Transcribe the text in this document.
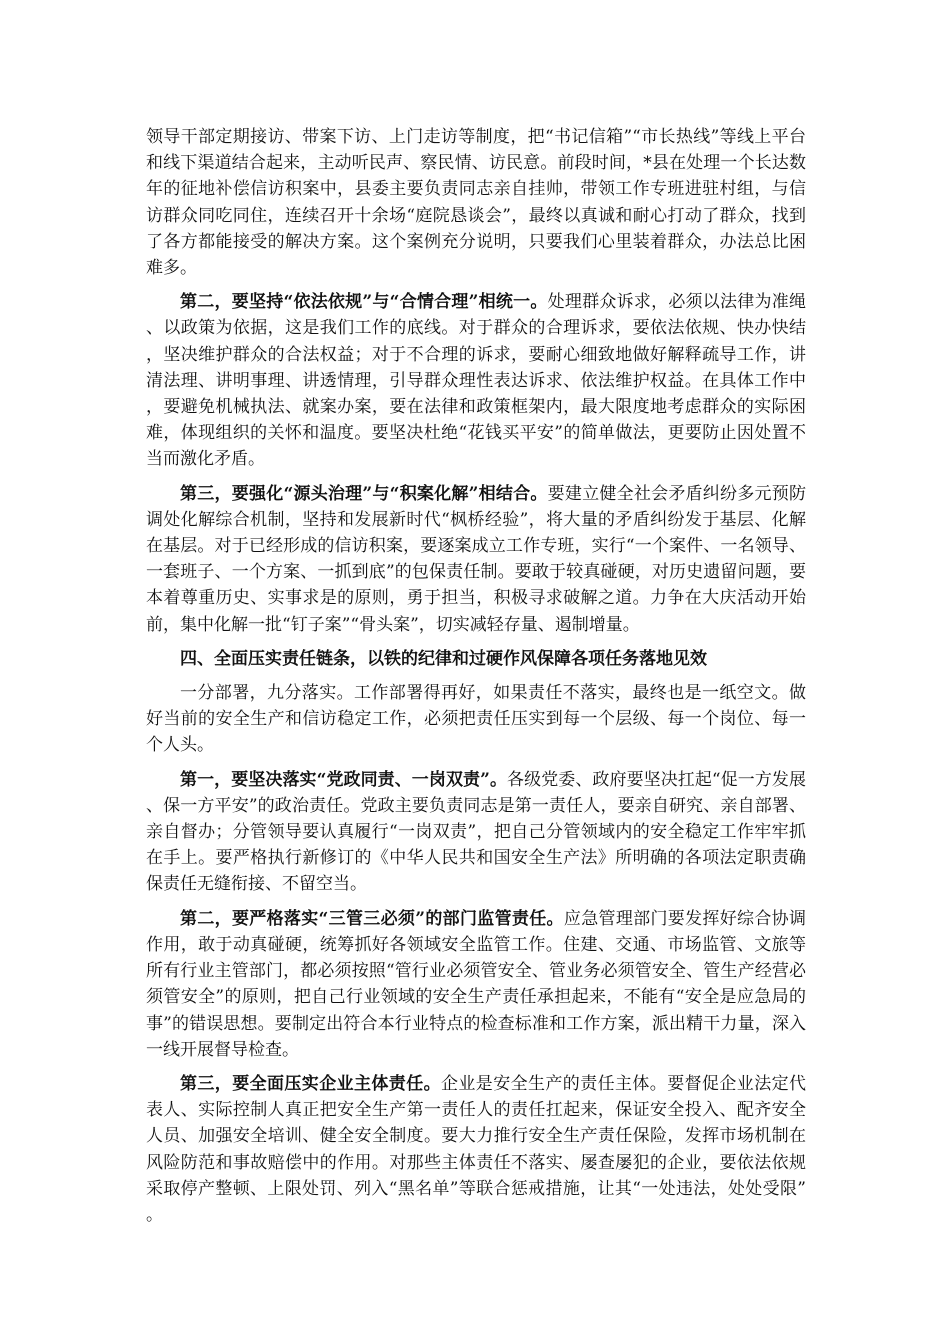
领导干部定期接访、带案下访、上门走访等制度，把“书记信箱”“市长热线”等线上平台和线下渠道结合起来，主动听民声、察民情、访民意。前段时间，*县在处理一个长达数年的征地补偿信访积案中，县委主要负责同志亲自挂帅，带领工作专班进驻村组，与信访群众同吃同住，连续召开十余场“庭院恳谈会”，最终以真诚和耐心打动了群众，找到了各方都能接受的解决方案。这个案例充分说明，只要我们心里装着群众，办法总比困难多。

第二，要坚持“依法依规”与“合情合理”相统一。处理群众诉求，必须以法律为准绳、以政策为依据，这是我们工作的底线。对于群众的合理诉求，要依法依规、快办快结，坚决维护群众的合法权益；对于不合理的诉求，要耐心细致地做好解释疏导工作，讲清法理、讲明事理、讲透情理，引导群众理性表达诉求、依法维护权益。在具体工作中，要避免机械执法、就案办案，要在法律和政策框架内，最大限度地考虑群众的实际困难，体现组织的关怀和温度。要坚决杜绝“花钱买平安”的简单做法，更要防止因处置不当而激化矛盾。

第三，要强化“源头治理”与“积案化解”相结合。要建立健全社会矛盾纠纷多元预防调处化解综合机制，坚持和发展新时代“枫桥经验”，将大量的矛盾纠纷发于基层、化解在基层。对于已经形成的信访积案，要逐案成立工作专班，实行“一个案件、一名领导、一套班子、一个方案、一抓到底”的包保责任制。要敢于较真碰硬，对历史遗留问题，要本着尊重历史、实事求是的原则，勇于担当，积极寻求破解之道。力争在大庆活动开始前，集中化解一批“钉子案”“骨头案”，切实减轻存量、遏制增量。

四、全面压实责任链条，以铁的纪律和过硬作风保障各项任务落地见效

一分部署，九分落实。工作部署得再好，如果责任不落实，最终也是一纸空文。做好当前的安全生产和信访稳定工作，必须把责任压实到每一个层级、每一个岗位、每一个人头。

第一，要坚决落实“党政同责、一岗双责”。各级党委、政府要坚决扛起“促一方发展、保一方平安”的政治责任。党政主要负责同志是第一责任人，要亲自研究、亲自部署、亲自督办；分管领导要认真履行“一岗双责”，把自己分管领域内的安全稳定工作牢牢抓在手上。要严格执行新修订的《中华人民共和国安全生产法》所明确的各项法定职责确保责任无缝衔接、不留空当。

第二，要严格落实“三管三必须”的部门监管责任。应急管理部门要发挥好综合协调作用，敢于动真碰硬，统筹抓好各领域安全监管工作。住建、交通、市场监管、文旅等所有行业主管部门，都必须按照“管行业必须管安全、管业务必须管安全、管生产经营必须管安全”的原则，把自己行业领域的安全生产责任承担起来，不能有“安全是应急局的事”的错误思想。要制定出符合本行业特点的检查标准和工作方案，派出精干力量，深入一线开展督导检查。

第三，要全面压实企业主体责任。企业是安全生产的责任主体。要督促企业法定代表人、实际控制人真正把安全生产第一责任人的责任扛起来，保证安全投入、配齐安全人员、加强安全培训、健全安全制度。要大力推行安全生产责任保险，发挥市场机制在风险防范和事故赔偿中的作用。对那些主体责任不落实、屡查屡犯的企业，要依法依规采取停产整顿、上限处罚、列入“黑名单”等联合惩戒措施，让其“一处违法，处处受限”。
